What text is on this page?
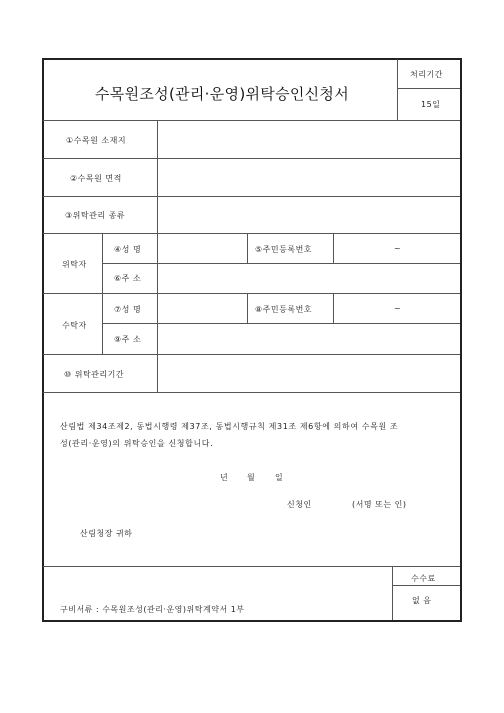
수목원조성(관리·운영)위탁승인신청서
처리기간
15일
①수목원 소재지
②수목원 면적
③위탁관리 종류
위탁자
④성 명	⑤주민등록번호	~
⑥주 소
수탁자
⑦성 명	⑧주민등록번호	~
⑨주 소
⑩ 위탁관리기간
산림법 제34조제2, 동법시행령 제37조, 동법시행규칙 제31조 제6항에 의하여 수목원 조
성(관리·운영)의 위탁승인을 신청합니다.
년 월 일
신청인	(서명 또는 인)
산림청장 귀하
수수료
없 음
구비서류 : 수목원조성(관리·운영)위탁계약서 1부
